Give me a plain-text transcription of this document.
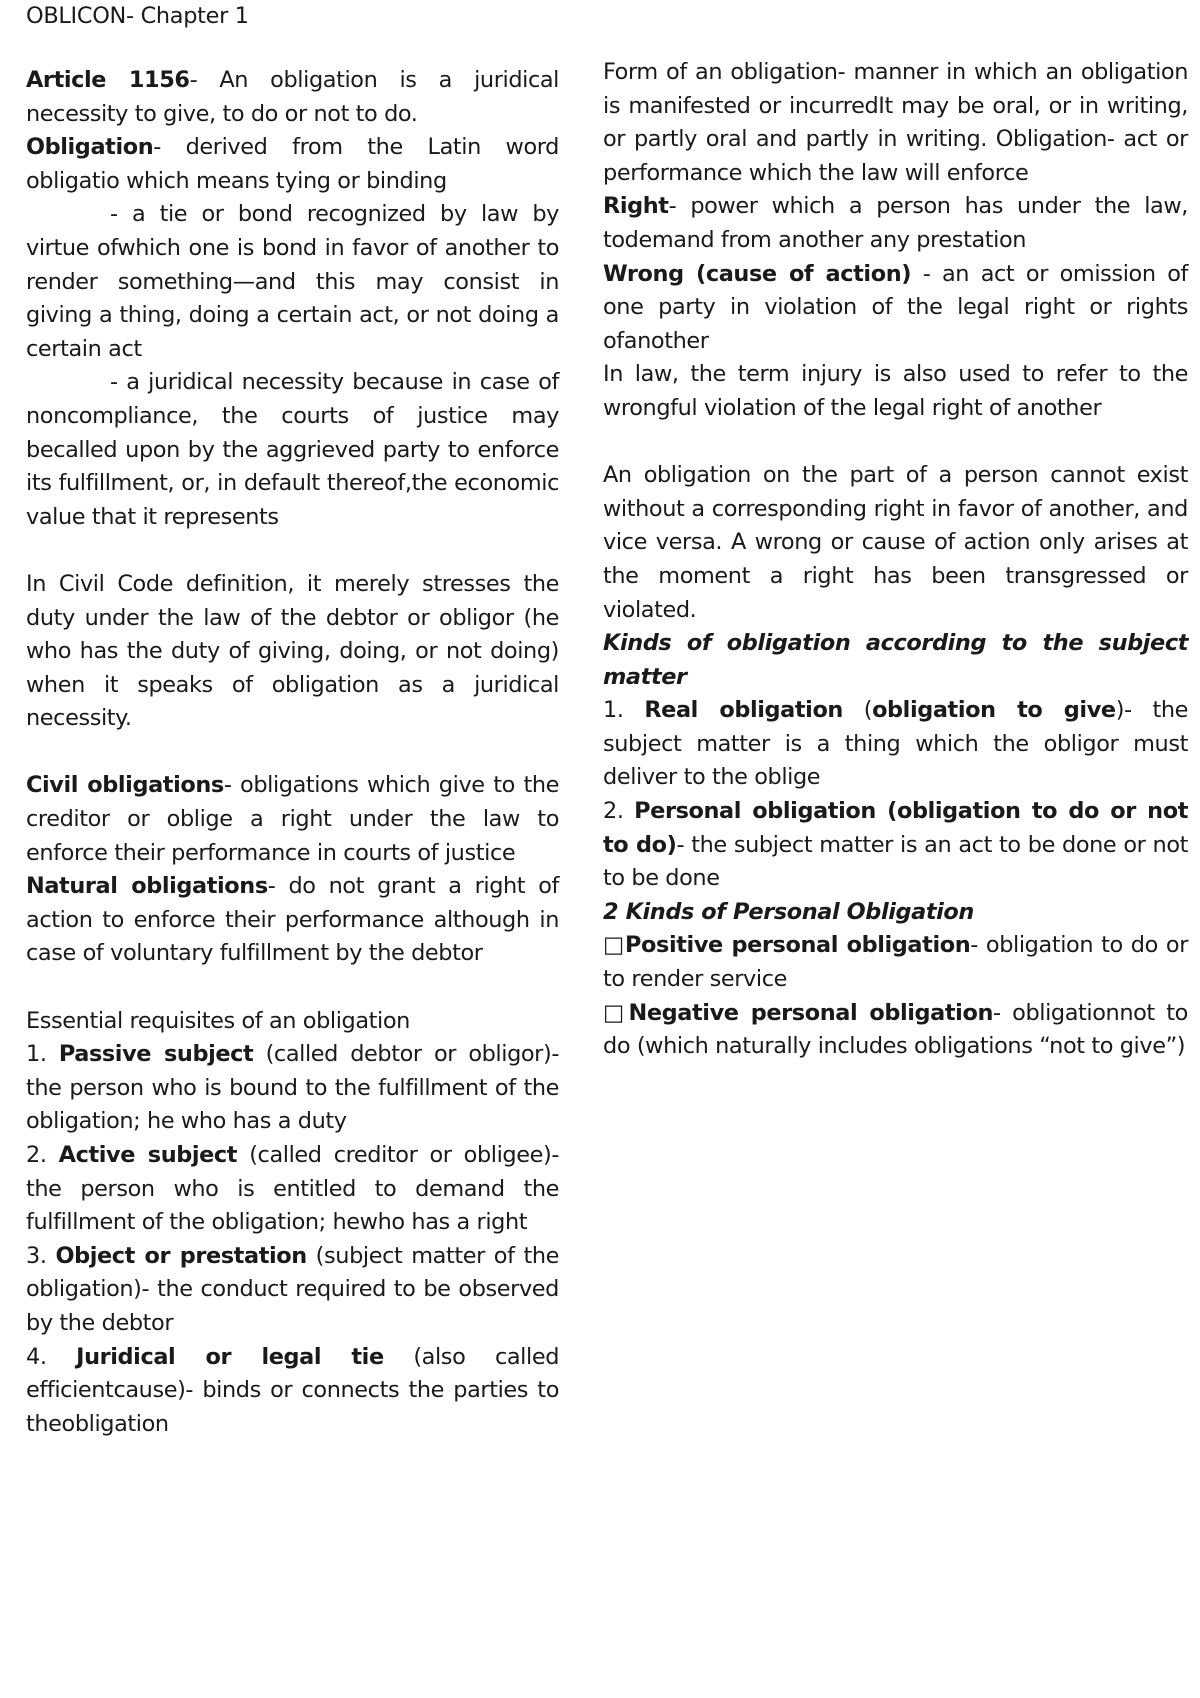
OBLICON- Chapter 1

Article 1156- An obligation is a juridical necessity to give, to do or not to do.

Obligation- derived from the Latin word obligatio which means tying or binding

- a tie or bond recognized by law by virtue ofwhich one is bond in favor of another to render something—and this may consist in giving a thing, doing a certain act, or not doing a certain act

- a juridical necessity because in case of noncompliance, the courts of justice may becalled upon by the aggrieved party to enforce its fulfillment, or, in default thereof,the economic value that it represents

In Civil Code definition, it merely stresses the duty under the law of the debtor or obligor (he who has the duty of giving, doing, or not doing) when it speaks of obligation as a juridical necessity.

Civil obligations- obligations which give to the creditor or oblige a right under the law to enforce their performance in courts of justice

Natural obligations- do not grant a right of action to enforce their performance although in case of voluntary fulfillment by the debtor

Essential requisites of an obligation

1. Passive subject (called debtor or obligor)- the person who is bound to the fulfillment of the obligation; he who has a duty

2. Active subject (called creditor or obligee)- the person who is entitled to demand the fulfillment of the obligation; hewho has a right

3. Object or prestation (subject matter of the obligation)- the conduct required to be observed by the debtor

4. Juridical or legal tie (also called efficientcause)- binds or connects the parties to theobligation

Form of an obligation- manner in which an obligation is manifested or incurredIt may be oral, or in writing, or partly oral and partly in writing. Obligation- act or performance which the law will enforce

Right- power which a person has under the law, todemand from another any prestation

Wrong (cause of action) - an act or omission of one party in violation of the legal right or rights ofanother

In law, the term injury is also used to refer to the wrongful violation of the legal right of another

An obligation on the part of a person cannot exist without a corresponding right in favor of another, and vice versa. A wrong or cause of action only arises at the moment a right has been transgressed or violated.

Kinds of obligation according to the subject matter

1. Real obligation (obligation to give)- the subject matter is a thing which the obligor must deliver to the oblige

2. Personal obligation (obligation to do or not to do)- the subject matter is an act to be done or not to be done

2 Kinds of Personal Obligation

□Positive personal obligation- obligation to do or to render service

□Negative personal obligation- obligationnot to do (which naturally includes obligations “not to give”)
